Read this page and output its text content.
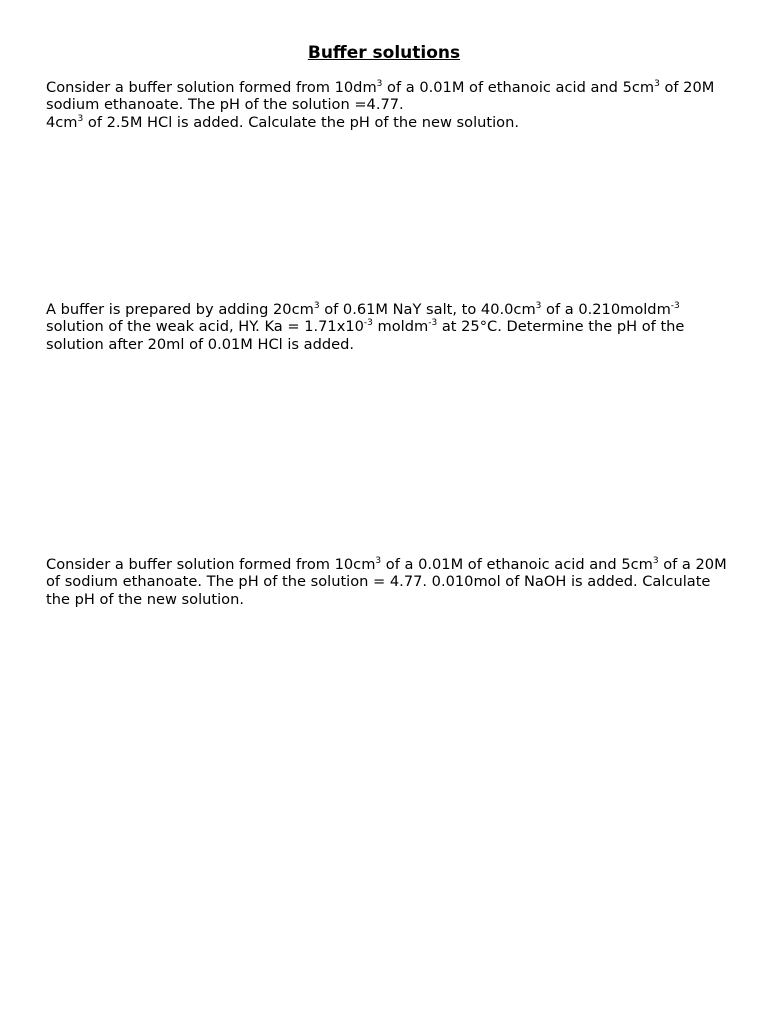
Buffer solutions

Consider a buffer solution formed from $10dm^3$ of a 0.01M of ethanoic acid and $5cm^3$ of 20M sodium ethanoate. The pH of the solution =4.77.
$4cm^3$ of 2.5M HCl is added. Calculate the pH of the new solution.

A buffer is prepared by adding $20cm^3$ of 0.61M NaY salt, to $40.0cm^3$ of a 0.210moldm$^{-3}$ solution of the weak acid, HY. $Ka = 1.71x10^{-3}$ moldm$^{-3}$ at 25°C. Determine the pH of the solution after 20ml of 0.01M HCl is added.

Consider a buffer solution formed from $10cm^3$ of a 0.01M of ethanoic acid and $5cm^3$ of a 20M of sodium ethanoate. The pH of the solution = 4.77. 0.010mol of NaOH is added. Calculate the pH of the new solution.
